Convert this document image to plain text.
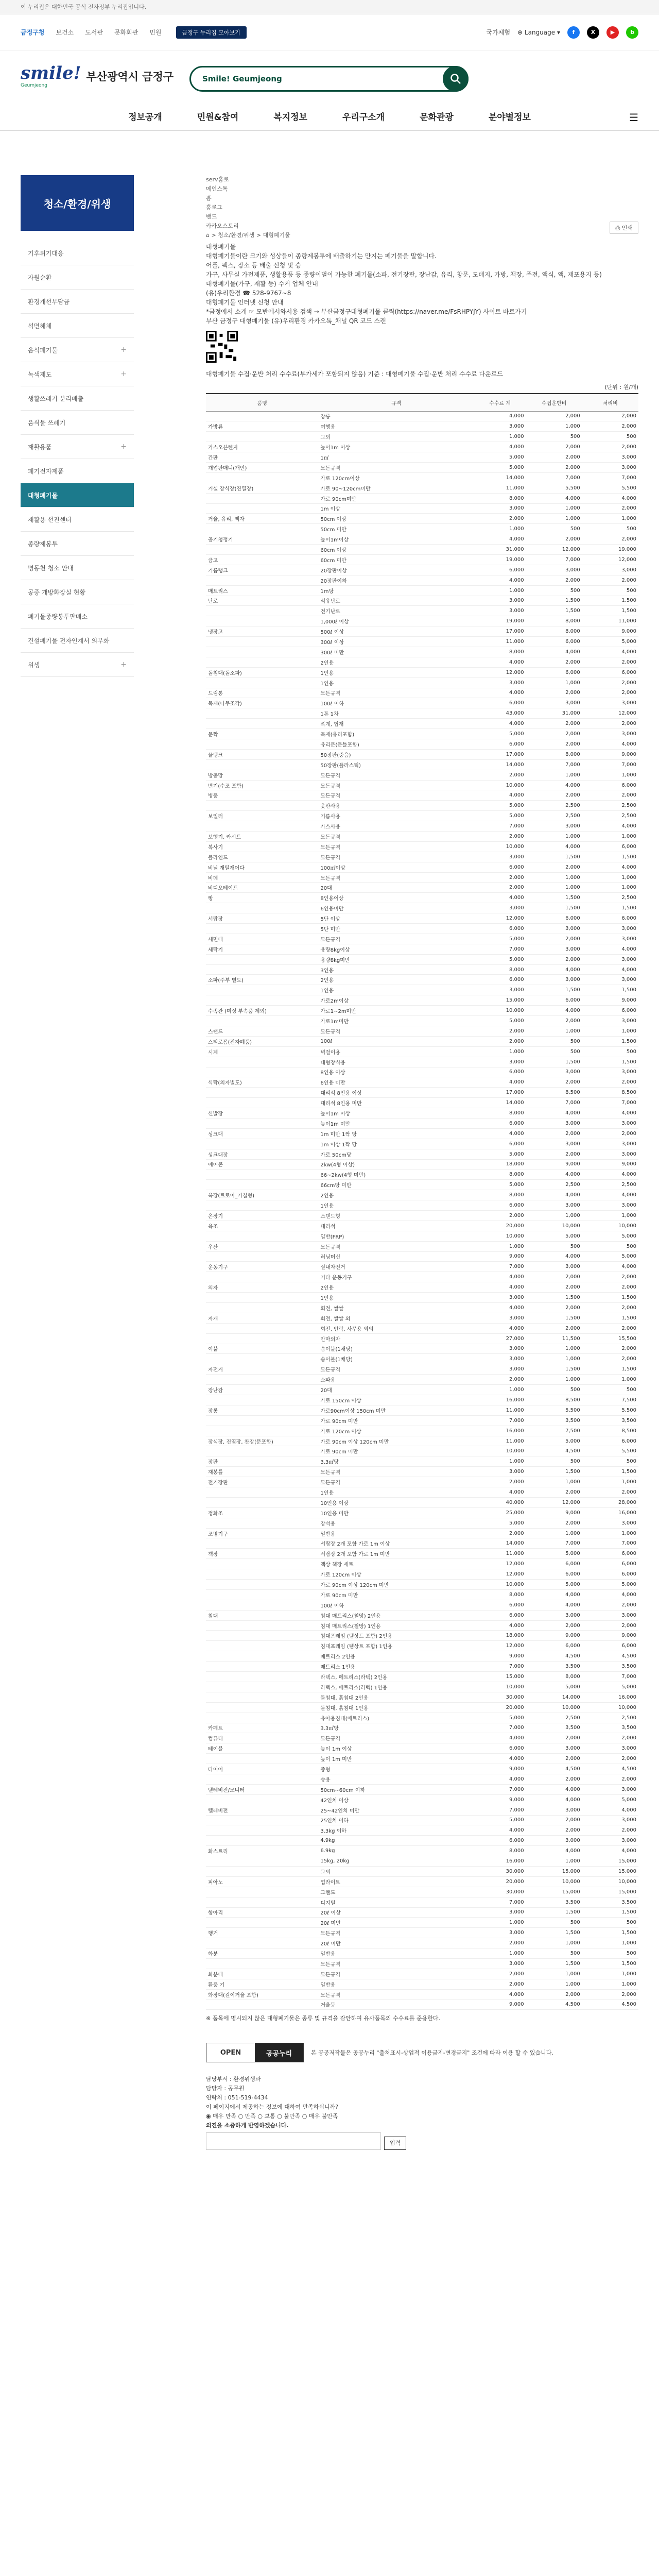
이 누리집은 대한민국 공식 전자정부 누리집입니다.
금정구청 보건소 도서관 문화회관 민원	금정구 누리집 모아보기	국가체험 ⊕ Language ▾	f	X	▶	b
smile!
Geumjeong
부산광역시 금정구	Smile! Geumjeong
정보공개	민원&참여	복지정보	우리구소개	문화관광	분야별정보	☰
청소/환경/위생
기후위기대응
자원순환
환경개선부담금
석면해체
음식폐기물	+
녹색제도	+
생활쓰레기 분리배출
음식물 쓰레기
재활용품	+
폐기전자제품
대형폐기물
재활용 선진센터
종량제봉투
명동천 청소 안내
공중 개방화장실 현황
폐기물종량봉투판매소
건설폐기물 전자인계서 의무화
위생	+
serv홈로
메인스톡
홈
홈로그
밴드
카카오스토리
⌂ > 청소/환경/위생 > 대형폐기물
⎙ 인쇄
대형폐기물
대형폐기물이란 크기와 성상들이 종량제봉투에 배출하기는 만지는 폐기물을 말합니다.
어플, 팩스, 장소 등 배출 신청 및 승
가구, 사무실 가전제품, 생활용품 등 종량이벌이 가능한 폐기물(소파, 전기장판, 장난감, 유리, 창문, 도배지, 가방, 책장, 주전, 액식, 액, 재포용지 등)
대형폐기물(가구, 재활 등) 수거 업체 안내
(유)우리환경 ☎ 528-9767~8
대형폐기물 인터넷 신청 안내
*금정에서 소개 ☞ 모반에서와서용 검색 → 부산금정구대형폐기물 클릭(https://naver.me/FsRHPYjY) 사이트 바로가기
부산 금정구 대형폐기물 (유)우리환경 카카오톡_채널 QR 코드 스캔
대형폐기물 수집·운반 처리 수수료(부가세가 포함되지 않음) 기준 : 대형폐기물 수집·운반 처리 수수료 다운로드
(단위 : 원/개)
품명	규격	수수료 계	수집운반비	처리비
	장롱	4,000	2,000	2,000
가방류	여행용	3,000	1,000	2,000
	그외	1,000	500	500
가스오븐렌지	높이1m 이상	4,000	2,000	2,000
간판	1㎡	5,000	2,000	3,000
개업판매니(개인)	모든규격	5,000	2,000	3,000
	가로 120cm이상	14,000	7,000	7,000
거실 장식장(진열장)	가로 90~120cm미만	11,000	5,500	5,500
	가로 90cm미만	8,000	4,000	4,000
	1m 이상	3,000	1,000	2,000
거울, 유리, 액자	50cm 이상	2,000	1,000	1,000
	50cm 미만	1,000	500	500
공기청정기	높이1m이상	4,000	2,000	2,000
	60cm 이상	31,000	12,000	19,000
금고	60cm 미만	19,000	7,000	12,000
기름탱크	20장판이상	6,000	3,000	3,000
	20장판이하	4,000	2,000	2,000
매트리스	1m당	1,000	500	500
난로	석유난로	3,000	1,500	1,500
	전기난로	3,000	1,500	1,500
	1,000ℓ 이상	19,000	8,000	11,000
냉장고	500ℓ 이상	17,000	8,000	9,000
	300ℓ 이상	11,000	6,000	5,000
	300ℓ 미만	8,000	4,000	4,000
	2인용	4,000	2,000	2,000
돌침대(돌소파)	1인용	12,000	6,000	6,000
	1인용	3,000	1,000	2,000
드럼통	모든규격	4,000	2,000	2,000
목재(나무조각)	100ℓ 이하	6,000	3,000	3,000
	1톤 1차	43,000	31,000	12,000
	폭계, 협재	4,000	2,000	2,000
문짝	목재(유리포함)	5,000	2,000	3,000
	유리문(문틀포함)	6,000	2,000	4,000
물탱크	50장판(중음)	17,000	8,000	9,000
	50장판(플라스틱)	14,000	7,000	7,000
방충망	모든규격	2,000	1,000	1,000
변기(수조 포함)	모든규격	10,000	4,000	6,000
병풍	모든규격	4,000	2,000	2,000
	옷판사용	5,000	2,500	2,500
보일러	기름사용	5,000	2,500	2,500
	가스사용	7,000	3,000	4,000
보행기, 카시트	모든규격	2,000	1,000	1,000
복사기	모든규격	10,000	4,000	6,000
블라인드	모든규격	3,000	1,500	1,500
비닐 재털재어다	100㎡이상	6,000	2,000	4,000
비데	모든규격	2,000	1,000	1,000
비디오테이프	20대	2,000	1,000	1,000
빵	8인용이상	4,000	1,500	2,500
	6인용미만	3,000	1,500	1,500
서랍장	5단 이상	12,000	6,000	6,000
	5단 미만	6,000	3,000	3,000
세면대	모든규격	5,000	2,000	3,000
세탁기	용량8kg이상	7,000	3,000	4,000
	용량8kg미만	5,000	2,000	3,000
	3인용	8,000	4,000	4,000
소파(주부 별도)	2인용	6,000	3,000	3,000
	1인용	3,000	1,500	1,500
	가로2m이상	15,000	6,000	9,000
수족관 (미싱 부속품 제외)	가로1~2m미만	10,000	4,000	6,000
	가로1m미만	5,000	2,000	3,000
스탠드	모든규격	2,000	1,000	1,000
스티로폼(전자폐품)	100ℓ	2,000	500	1,500
시계	벽걸이용	1,000	500	500
	대형장식용	3,000	1,500	1,500
	8인용 이상	6,000	3,000	3,000
식탁(의자별도)	6인용 미만	4,000	2,000	2,000
	대리석 8인용 이상	17,000	8,500	8,500
	대리석 8인용 미만	14,000	7,000	7,000
신발장	높이1m 이상	8,000	4,000	4,000
	높이1m 미만	6,000	3,000	3,000
싱크대	1m 미만 1짝 당	4,000	2,000	2,000
	1m 이상 1짝 당	6,000	3,000	3,000
싱크대장	가로 50cm당	5,000	2,000	3,000
에어콘	2kw(4형 이상)	18,000	9,000	9,000
	66~2kw(4형 미만)	8,000	4,000	4,000
	66cm당 미만	5,000	2,500	2,500
옥장(트로이_거칠형)	2인용	8,000	4,000	4,000
	1인용	6,000	3,000	3,000
온장기	스탠드형	2,000	1,000	1,000
욕조	대리석	20,000	10,000	10,000
	일반(FRP)	10,000	5,000	5,000
우산	모든규격	1,000	500	500
	러닝머신	9,000	4,000	5,000
운동기구	실내자전거	7,000	3,000	4,000
	기타 운동기구	4,000	2,000	2,000
의자	2인용	4,000	2,000	2,000
	1인용	3,000	1,500	1,500
	회전, 쌀쌀	4,000	2,000	2,000
자개	회전, 쌀쌀 외	3,000	1,500	1,500
	회전, 안락, 사무용 외의	4,000	2,000	2,000
	안마의자	27,000	11,500	15,500
이불	솜이불(1채당)	3,000	1,000	2,000
	솜이불(1채당)	3,000	1,000	2,000
자전거	모든규격	3,000	1,500	1,500
	소파용	2,000	1,000	1,000
장난감	20대	1,000	500	500
	가로 150cm 이상	16,000	8,500	7,500
장롱	가로90cm이상 150cm 미만	11,000	5,500	5,500
	가로 90cm 미만	7,000	3,500	3,500
	가로 120cm 이상	16,000	7,500	8,500
장식장, 진열장, 찬장(문포함)	가로 90cm 이상 120cm 미만	11,000	5,000	6,000
	가로 90cm 미만	10,000	4,500	5,500
장판	3.3㎡당	1,000	500	500
재봉틀	모든규격	3,000	1,500	1,500
전기장판	모든규격	2,000	1,000	1,000
	1인용	4,000	2,000	2,000
	10인용 이상	40,000	12,000	28,000
정화조	10인용 미만	25,000	9,000	16,000
	장석용	5,000	2,000	3,000
조명기구	일반용	2,000	1,000	1,000
	서랍장 2개 포함 가로 1m 이상	14,000	7,000	7,000
책장	서랍장 2개 포함 가로 1m 미만	11,000	5,000	6,000
	책상 책장 세트	12,000	6,000	6,000
	가로 120cm 이상	12,000	6,000	6,000
	가로 90cm 이상 120cm 미만	10,000	5,000	5,000
	가로 90cm 미만	8,000	4,000	4,000
	100ℓ 이하	6,000	4,000	2,000
침대	침대 매트리스(철망) 2인용	6,000	3,000	3,000
	침대 매트리스(철망) 1인용	4,000	2,000	2,000
	침대프레임 (템상트 포함) 2인용	18,000	9,000	9,000
	침대프레임 (템상트 포함) 1인용	12,000	6,000	6,000
	매트리스 2인용	9,000	4,500	4,500
	매트리스 1인용	7,000	3,500	3,500
	라텍스, 메트리스(라텍) 2인용	15,000	8,000	7,000
	라텍스, 메트리스(라텍) 1인용	10,000	5,000	5,000
	돌침대, 흙침대 2인용	30,000	14,000	16,000
	돌침대, 흙침대 1인용	20,000	10,000	10,000
	유아용침대(메트리스)	5,000	2,500	2,500
카페트	3.3㎡당	7,000	3,500	3,500
컴퓨터	모든규격	4,000	2,000	2,000
테이블	높이 1m 이상	6,000	3,000	3,000
	높이 1m 미만	4,000	2,000	2,000
타이어	중형	9,000	4,500	4,500
	승용	4,000	2,000	2,000
텔레비전/모니터	50cm~60cm 이하	7,000	4,000	3,000
	42인치 이상	9,000	4,000	5,000
텔레비전	25~42인치 미만	7,000	3,000	4,000
	25인치 이하	5,000	2,000	3,000
	3.3kg 이하	4,000	2,000	2,000
	4.9kg	6,000	3,000	3,000
화스트리	6.9kg	8,000	4,000	4,000
	15kg, 20kg	16,000	1,000	15,000
	그외	30,000	15,000	15,000
피아노	업라이트	20,000	10,000	10,000
	그랜드	30,000	15,000	15,000
	디지털	7,000	3,500	3,500
항아리	20ℓ 이상	3,000	1,500	1,500
	20ℓ 미만	1,000	500	500
행거	모든규격	3,000	1,500	1,500
	20ℓ 미만	2,000	1,000	1,000
화분	일반용	1,000	500	500
	모든규격	3,000	1,500	1,500
화분대	모든규격	2,000	1,000	1,000
환풍 기	일반용	2,000	1,000	1,000
화장대(걸이거울 포함)	모든규격	4,000	2,000	2,000
	거울등	9,000	4,500	4,500
※ 품목에 명시되지 않은 대형폐기물은 종류 및 규격을 감안하여 유사품목의 수수료를 준용한다.
OPEN	공공누리	본 공공저작물은 공공누리 "출처표시-상업적 이용금지-변경금지" 조건에 따라 이용 할 수 있습니다.
담당부서 : 환경위생과
담당자 : 공무원
연락처 : 051-519-4434
이 페이지에서 제공하는 정보에 대하여 만족하십니까?
◉ 매우 만족 ○ 만족 ○ 보통 ○ 불만족 ○ 매우 불만족
의견을 소중하게 반영하겠습니다.
입력
